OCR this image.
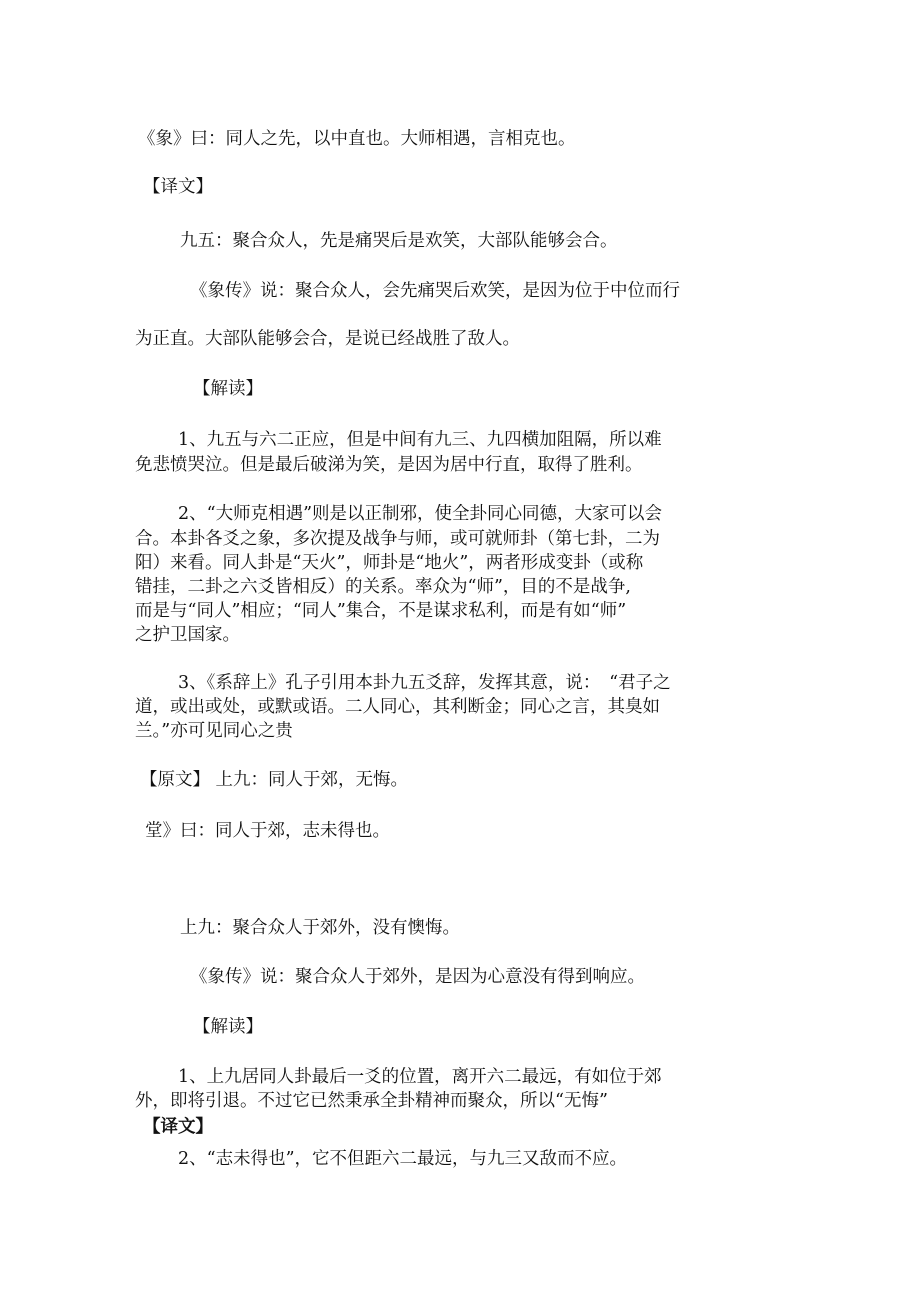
《象》曰：同人之先，以中直也。大师相遇，言相克也。
【译文】
九五：聚合众人，先是痛哭后是欢笑，大部队能够会合。
《象传》说：聚合众人，会先痛哭后欢笑，是因为位于中位而行
为正直。大部队能够会合，是说已经战胜了敌人。
【解读】
1、九五与六二正应，但是中间有九三、九四横加阻隔，所以难
免悲愤哭泣。但是最后破涕为笑，是因为居中行直，取得了胜利。
2、“大师克相遇”则是以正制邪，使全卦同心同德，大家可以会
合。本卦各爻之象，多次提及战争与师，或可就师卦（第七卦，二为
阳）来看。同人卦是“天火”，师卦是“地火”，两者形成变卦（或称
错挂，二卦之六爻皆相反）的关系。率众为“师”，目的不是战争,
而是与“同人”相应；“同人”集合，不是谋求私利，而是有如“师”
之护卫国家。
3、《系辞上》孔子引用本卦九五爻辞，发挥其意，说：　“君子之
道，或出或处，或默或语。二人同心，其利断金；同心之言，其臭如
兰。”亦可见同心之贵
【原文】 上九：同人于郊，无悔。
堂》曰：同人于郊，志未得也。
上九：聚合众人于郊外，没有懊悔。
《象传》说：聚合众人于郊外，是因为心意没有得到响应。
【解读】
1、上九居同人卦最后一爻的位置，离开六二最远，有如位于郊
外，即将引退。不过它已然秉承全卦精神而聚众，所以“无悔”
【译文】
2、“志未得也”，它不但距六二最远，与九三又敌而不应。
